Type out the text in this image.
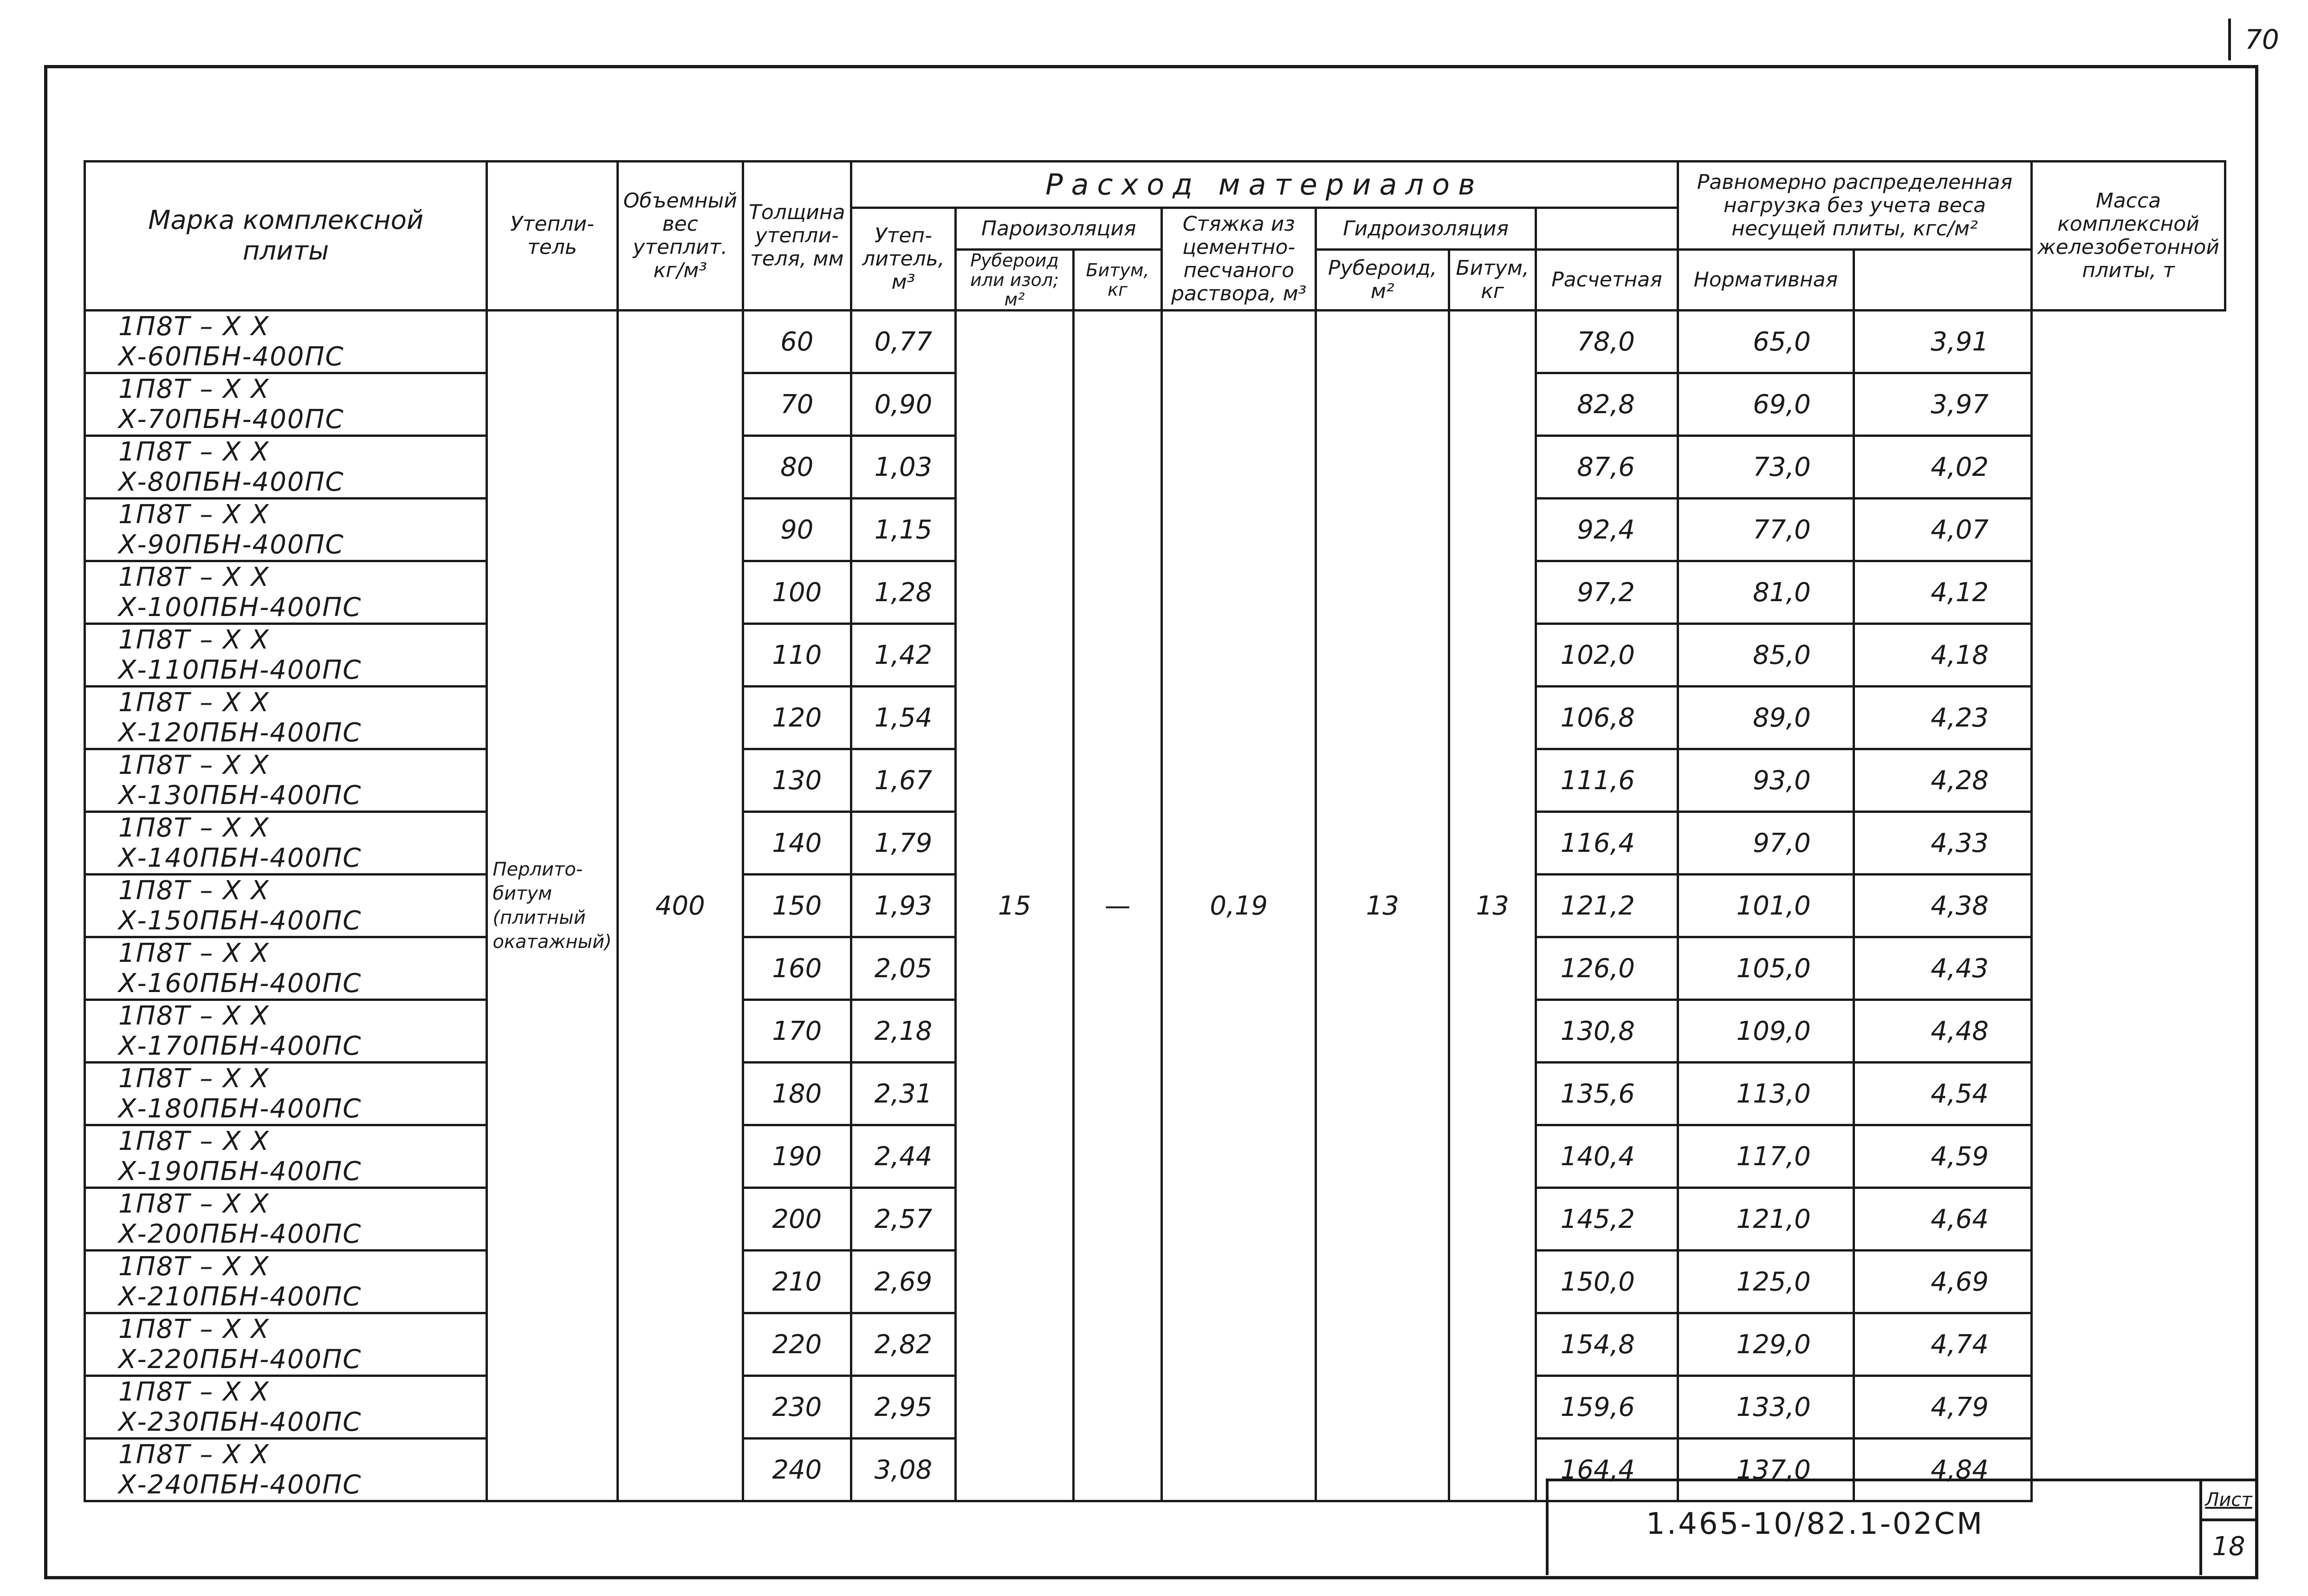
70
Марка комплексной плиты	Утепли-тель	Объемный вес утеплит. кг/м³	Толщина утепли-теля, мм	Расход материалов							Равномерно распределенная нагрузка без учета веса несущей плиты, кгс/м²		Масса комплексной железобетонной плиты, т
				Утеп-литель, м³	Пароизоляция		Стяжка из цементно-песчаного раствора, м³	Гидроизоляция					
					Рубероид или изол; м²	Битум, кг		Рубероид, м²	Битум, кг	Расчетная	Нормативная		
1П8Т – Х Х Х-60ПБН-400ПС	Перлито-битум (плитный окатажный)	400	60	0,77	15	—	0,19	13	13	78,0	65,0	3,91	
1П8Т – Х Х Х-70ПБН-400ПС			70	0,90						82,8	69,0	3,97	
1П8Т – Х Х Х-80ПБН-400ПС			80	1,03						87,6	73,0	4,02	
1П8Т – Х Х Х-90ПБН-400ПС			90	1,15						92,4	77,0	4,07	
1П8Т – Х Х Х-100ПБН-400ПС			100	1,28						97,2	81,0	4,12	
1П8Т – Х Х Х-110ПБН-400ПС			110	1,42						102,0	85,0	4,18	
1П8Т – Х Х Х-120ПБН-400ПС			120	1,54						106,8	89,0	4,23	
1П8Т – Х Х Х-130ПБН-400ПС			130	1,67						111,6	93,0	4,28	
1П8Т – Х Х Х-140ПБН-400ПС			140	1,79						116,4	97,0	4,33	
1П8Т – Х Х Х-150ПБН-400ПС			150	1,93						121,2	101,0	4,38	
1П8Т – Х Х Х-160ПБН-400ПС			160	2,05						126,0	105,0	4,43	
1П8Т – Х Х Х-170ПБН-400ПС			170	2,18						130,8	109,0	4,48	
1П8Т – Х Х Х-180ПБН-400ПС			180	2,31						135,6	113,0	4,54	
1П8Т – Х Х Х-190ПБН-400ПС			190	2,44						140,4	117,0	4,59	
1П8Т – Х Х Х-200ПБН-400ПС			200	2,57						145,2	121,0	4,64	
1П8Т – Х Х Х-210ПБН-400ПС			210	2,69						150,0	125,0	4,69	
1П8Т – Х Х Х-220ПБН-400ПС			220	2,82						154,8	129,0	4,74	
1П8Т – Х Х Х-230ПБН-400ПС			230	2,95						159,6	133,0	4,79	
1П8Т – Х Х Х-240ПБН-400ПС			240	3,08						164,4	137,0	4,84	
1.465-10/82.1-02СМ
Лист
18
